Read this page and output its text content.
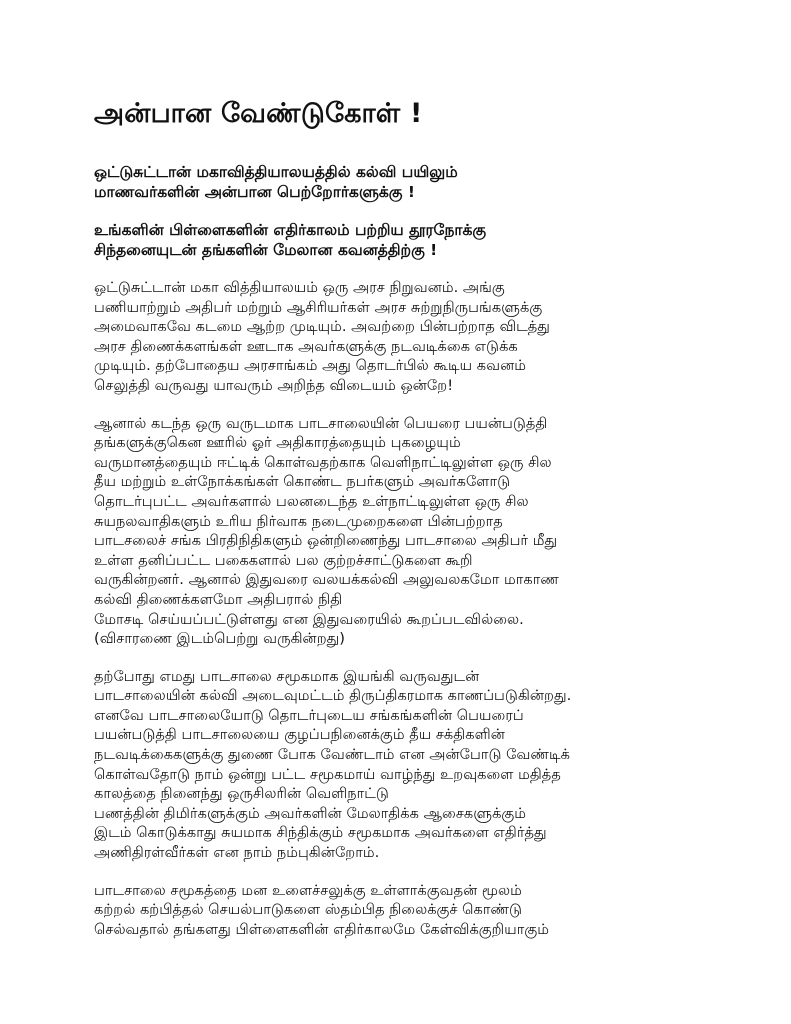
அன்பான வேண்டுகோள் !
ஒட்டுசுட்டான் மகாவித்தியாலயத்தில் கல்வி பயிலும்
மாணவர்களின் அன்பான பெற்றோர்களுக்கு !
உங்களின் பிள்ளைகளின் எதிர்காலம் பற்றிய தூரநோக்கு
சிந்தனையுடன் தங்களின் மேலான கவனத்திற்கு !
ஒட்டுசுட்டான் மகா வித்தியாலயம் ஒரு அரச நிறுவனம். அங்கு
பணியாற்றும் அதிபர் மற்றும் ஆசிரியர்கள் அரச சுற்றுநிருபங்களுக்கு
அமைவாகவே கடமை ஆற்ற முடியும். அவற்றை பின்பற்றாத விடத்து
அரச திணைக்களங்கள் ஊடாக அவர்களுக்கு நடவடிக்கை எடுக்க
முடியும். தற்போதைய அரசாங்கம் அது தொடர்பில் கூடிய கவனம்
செலுத்தி வருவது யாவரும் அறிந்த விடையம் ஒன்றே!
ஆனால் கடந்த ஒரு வருடமாக பாடசாலையின் பெயரை பயன்படுத்தி
தங்களுக்குகென ஊரில் ஓர் அதிகாரத்தையும் புகழையும்
வருமானத்தையும் ஈட்டிக் கொள்வதற்காக வெளிநாட்டிலுள்ள ஒரு சில
தீய மற்றும் உள்நோக்கங்கள் கொண்ட நபர்களும் அவர்களோடு
தொடர்புபட்ட அவர்களால் பலனடைந்த உள்நாட்டிலுள்ள ஒரு சில
சுயநலவாதிகளும் உரிய நிர்வாக நடைமுறைகளை பின்பற்றாத
பாடசலைச் சங்க பிரதிநிதிகளும் ஒன்றிணைந்து பாடசாலை அதிபர் மீது
உள்ள தனிப்பட்ட பகைகளால் பல குற்றச்சாட்டுகளை கூறி
வருகின்றனர். ஆனால் இதுவரை வலயக்கல்வி அலுவலகமோ மாகாண
கல்வி திணைக்களமோ அதிபரால் நிதி
மோசடி செய்யப்பட்டுள்ளது என இதுவரையில் கூறப்படவில்லை.
(விசாரணை இடம்பெற்று வருகின்றது)
தற்போது எமது பாடசாலை சமூகமாக இயங்கி வருவதுடன்
பாடசாலையின் கல்வி அடைவுமட்டம் திருப்திகரமாக காணப்படுகின்றது.
எனவே பாடசாலையோடு தொடர்புடைய சங்கங்களின் பெயரைப்
பயன்படுத்தி பாடசாலையை குழப்பநினைக்கும் தீய சக்திகளின்
நடவடிக்கைகளுக்கு துணை போக வேண்டாம் என அன்போடு வேண்டிக்
கொள்வதோடு நாம் ஒன்று பட்ட சமூகமாய் வாழ்ந்து உறவுகளை மதித்த
காலத்தை நினைந்து ஒருசிலரின் வெளிநாட்டு
பணத்தின் திமிர்களுக்கும் அவர்களின் மேலாதிக்க ஆசைகளுக்கும்
இடம் கொடுக்காது சுயமாக சிந்திக்கும் சமூகமாக அவர்களை எதிர்த்து
அணிதிரள்வீர்கள் என நாம் நம்புகின்றோம்.
பாடசாலை சமூகத்தை மன உளைச்சலுக்கு உள்ளாக்குவதன் மூலம்
கற்றல் கற்பித்தல் செயல்பாடுகளை ஸ்தம்பித நிலைக்குச் கொண்டு
செல்வதால் தங்களது பிள்ளைகளின் எதிர்காலமே கேள்விக்குறியாகும்
